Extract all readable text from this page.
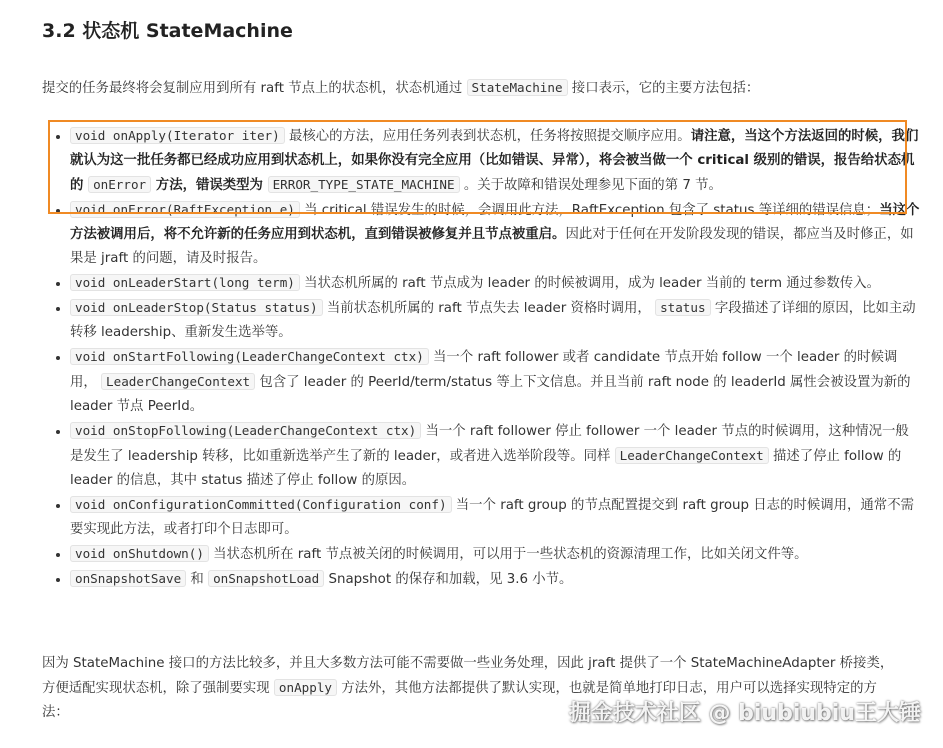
3.2 状态机 StateMachine

提交的任务最终将会复制应用到所有 raft 节点上的状态机，状态机通过 StateMachine 接口表示，它的主要方法包括：

• void onApply(Iterator iter) 最核心的方法，应用任务列表到状态机，任务将按照提交顺序应用。请注意，当这个方法返回的时候，我们就认为这一批任务都已经成功应用到状态机上，如果你没有完全应用（比如错误、异常），将会被当做一个 critical 级别的错误，报告给状态机的 onError 方法，错误类型为 ERROR_TYPE_STATE_MACHINE 。关于故障和错误处理参见下面的第 7 节。
• void onError(RaftException e) 当 critical 错误发生的时候，会调用此方法，RaftException 包含了 status 等详细的错误信息；当这个方法被调用后，将不允许新的任务应用到状态机，直到错误被修复并且节点被重启。因此对于任何在开发阶段发现的错误，都应当及时修正，如果是 jraft 的问题，请及时报告。
• void onLeaderStart(long term) 当状态机所属的 raft 节点成为 leader 的时候被调用，成为 leader 当前的 term 通过参数传入。
• void onLeaderStop(Status status) 当前状态机所属的 raft 节点失去 leader 资格时调用， status 字段描述了详细的原因，比如主动转移 leadership、重新发生选举等。
• void onStartFollowing(LeaderChangeContext ctx) 当一个 raft follower 或者 candidate 节点开始 follow 一个 leader 的时候调用， LeaderChangeContext 包含了 leader 的 PeerId/term/status 等上下文信息。并且当前 raft node 的 leaderId 属性会被设置为新的 leader 节点 PeerId。
• void onStopFollowing(LeaderChangeContext ctx) 当一个 raft follower 停止 follower 一个 leader 节点的时候调用，这种情况一般是发生了 leadership 转移，比如重新选举产生了新的 leader，或者进入选举阶段等。同样 LeaderChangeContext 描述了停止 follow 的 leader 的信息，其中 status 描述了停止 follow 的原因。
• void onConfigurationCommitted(Configuration conf) 当一个 raft group 的节点配置提交到 raft group 日志的时候调用，通常不需要实现此方法，或者打印个日志即可。
• void onShutdown() 当状态机所在 raft 节点被关闭的时候调用，可以用于一些状态机的资源清理工作，比如关闭文件等。
• onSnapshotSave 和 onSnapshotLoad Snapshot 的保存和加载，见 3.6 小节。

因为 StateMachine 接口的方法比较多，并且大多数方法可能不需要做一些业务处理，因此 jraft 提供了一个 StateMachineAdapter 桥接类，方便适配实现状态机，除了强制要实现 onApply 方法外，其他方法都提供了默认实现，也就是简单地打印日志，用户可以选择实现特定的方法：	掘金技术社区 @ biubiubiu王大锤
